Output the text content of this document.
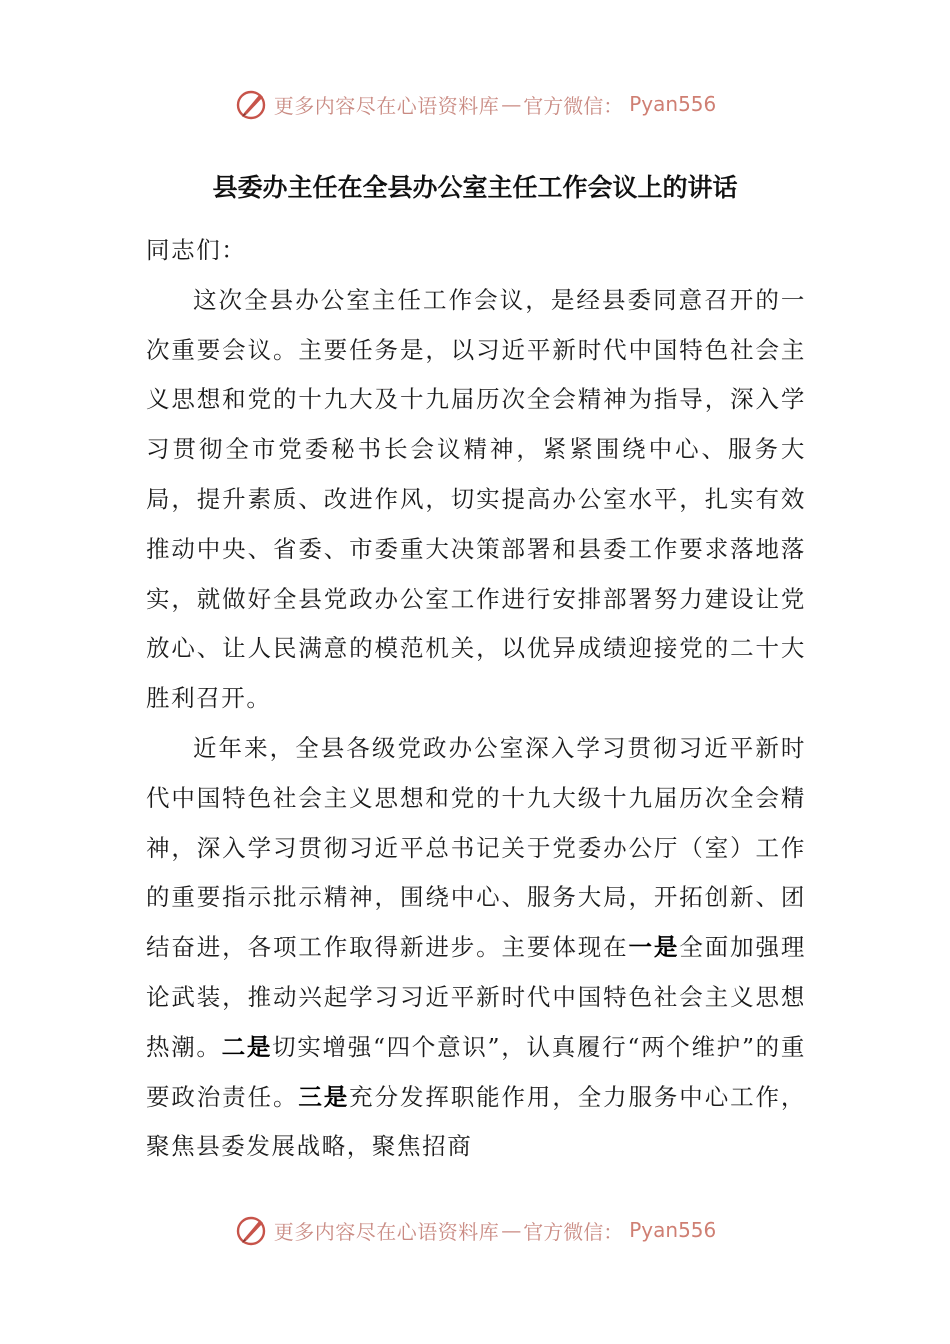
更多内容尽在心语资料库 — 官方微信： Pyan556
县委办主任在全县办公室主任工作会议上的讲话

同志们：

这次全县办公室主任工作会议，是经县委同意召开的一次重要会议。主要任务是，以习近平新时代中国特色社会主义思想和党的十九大及十九届历次全会精神为指导，深入学习贯彻全市党委秘书长会议精神，紧紧围绕中心、服务大局，提升素质、改进作风，切实提高办公室水平，扎实有效推动中央、省委、市委重大决策部署和县委工作要求落地落实，就做好全县党政办公室工作进行安排部署努力建设让党放心、让人民满意的模范机关，以优异成绩迎接党的二十大胜利召开。

近年来，全县各级党政办公室深入学习贯彻习近平新时代中国特色社会主义思想和党的十九大级十九届历次全会精神，深入学习贯彻习近平总书记关于党委办公厅（室）工作的重要指示批示精神，围绕中心、服务大局，开拓创新、团结奋进，各项工作取得新进步。主要体现在一是全面加强理论武装，推动兴起学习习近平新时代中国特色社会主义思想热潮。二是切实增强“四个意识”，认真履行“两个维护”的重要政治责任。三是充分发挥职能作用，全力服务中心工作，聚焦县委发展战略，聚焦招商

更多内容尽在心语资料库 — 官方微信： Pyan556
